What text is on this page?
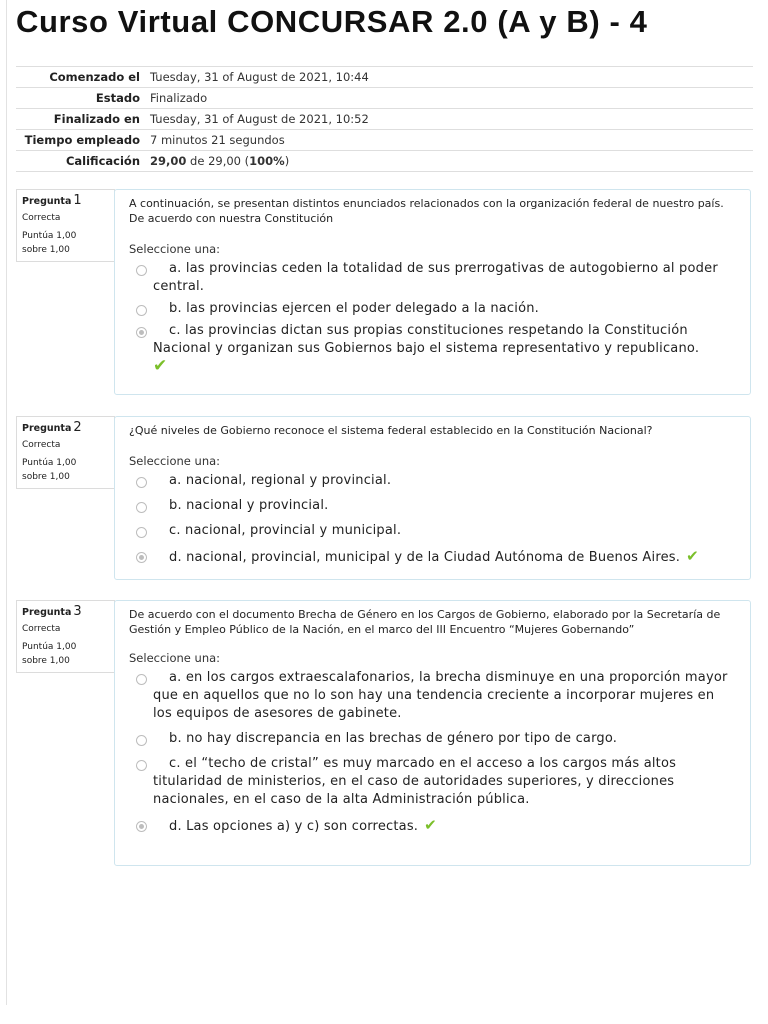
Curso Virtual CONCURSAR 2.0 (A y B) - 4
Comenzado el	Tuesday, 31 of August de 2021, 10:44
Estado	Finalizado
Finalizado en	Tuesday, 31 of August de 2021, 10:52
Tiempo empleado	7 minutos 21 segundos
Calificación	29,00 de 29,00 (100%)
Pregunta 1
Correcta
Puntúa 1,00
sobre 1,00
A continuación, se presentan distintos enunciados relacionados con la organización federal de nuestro país. De acuerdo con nuestra Constitución
Seleccione una:
a. las provincias ceden la totalidad de sus prerrogativas de autogobierno al poder central.
b. las provincias ejercen el poder delegado a la nación.
c. las provincias dictan sus propias constituciones respetando la Constitución Nacional y organizan sus Gobiernos bajo el sistema representativo y republicano.
✔
Pregunta 2
Correcta
Puntúa 1,00
sobre 1,00
¿Qué niveles de Gobierno reconoce el sistema federal establecido en la Constitución Nacional?
Seleccione una:
a. nacional, regional y provincial.
b. nacional y provincial.
c. nacional, provincial y municipal.
d. nacional, provincial, municipal y de la Ciudad Autónoma de Buenos Aires. ✔
Pregunta 3
Correcta
Puntúa 1,00
sobre 1,00
De acuerdo con el documento Brecha de Género en los Cargos de Gobierno, elaborado por la Secretaría de Gestión y Empleo Público de la Nación, en el marco del III Encuentro “Mujeres Gobernando”
Seleccione una:
a. en los cargos extraescalafonarios, la brecha disminuye en una proporción mayor que en aquellos que no lo son hay una tendencia creciente a incorporar mujeres en los equipos de asesores de gabinete.
b. no hay discrepancia en las brechas de género por tipo de cargo.
c. el “techo de cristal” es muy marcado en el acceso a los cargos más altos titularidad de ministerios, en el caso de autoridades superiores, y direcciones nacionales, en el caso de la alta Administración pública.
d. Las opciones a) y c) son correctas. ✔
